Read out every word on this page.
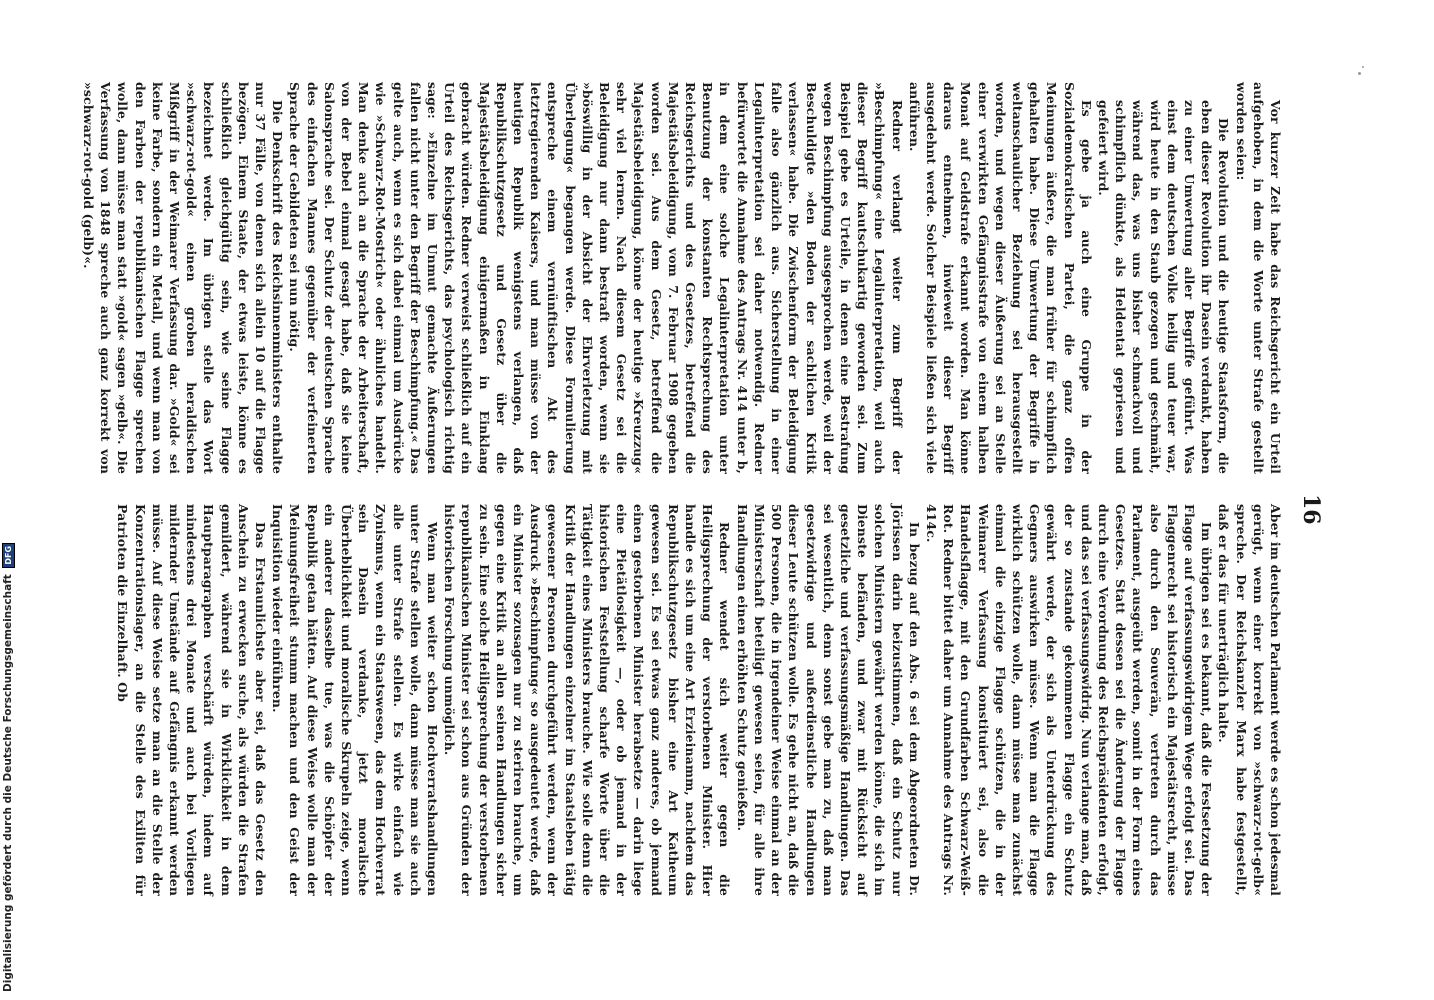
16

Vor kurzer Zeit habe das Reichsgericht ein Urteil aufgehoben, in dem die Worte unter Strafe gestellt worden seien:

Die Revolution und die heutige Staatsform, die eben dieser Revolution ihr Dasein verdankt, haben zu einer Umwertung aller Begriffe geführt. Was einst dem deutschen Volke heilig und teuer war, wird heute in den Staub gezogen und geschmäht, während das, was uns bisher schmachvoll und schimpflich dünkte, als Heldentat gepriesen und gefeiert wird.

Es gebe ja auch eine Gruppe in der Sozialdemokratischen Partei, die ganz offen Meinungen äußere, die man früher für schimpflich gehalten habe. Diese Umwertung der Begriffe in weltanschaulicher Beziehung sei herausgestellt worden, und wegen dieser Äußerung sei an Stelle einer verwirkten Gefängnisstrafe von einem halben Monat auf Geldstrafe erkannt worden. Man könne daraus entnehmen, inwieweit dieser Begriff ausgedehnt werde. Solcher Beispiele ließen sich viele anführen.

Redner verlangt weiter zum Begriff der »Beschimpfung« eine Legalinterpretation, weil auch dieser Begriff kautschukartig geworden sei. Zum Beispiel gebe es Urteile, in denen eine Bestrafung wegen Beschimpfung ausgesprochen werde, weil der Beschuldigte »den Boden der sachlichen Kritik verlassen« habe. Die Zwischenform der Beleidigung falle also gänzlich aus. Sicherstellung in einer Legalinterpretation sei daher notwendig. Redner befürwortet die Annahme des Antrags Nr. 414 unter b, in dem eine solche Legalinterpretation unter Benutzung der konstanten Rechtsprechung des Reichsgerichts und des Gesetzes, betreffend die Majestätsbeleidigung, vom 7. Februar 1908 gegeben worden sei. Aus dem Gesetz, betreffend die Majestätsbeleidigung, könne der heutige »Kreuzzug« sehr viel lernen. Nach diesem Gesetz sei die Beleidigung nur dann bestraft worden, wenn sie »böswillig in der Absicht der Ehrverletzung mit Überlegung« begangen werde. Diese Formulierung entspreche einem vernünftischen Akt des letztregierenden Kaisers, und man müsse von der heutigen Republik wenigstens verlangen, daß Republikschutzgesetz und Gesetz über die Majestätsbeleidigung einigermaßen in Einklang gebracht würden. Redner verweist schließlich auf ein Urteil des Reichsgerichts, das psychologisch richtig sage: »Einzelne im Unmut gemachte Äußerungen fallen nicht unter den Begriff der Beschimpfung.« Das gelte auch, wenn es sich dabei einmal um Ausdrücke wie »Schwarz-Rot-Mostrich« oder ähnliches handelt. Man denke auch an die Sprache der Arbeiterschaft, von der Bebel einmal gesagt habe, daß sie keine Salonsprache sei. Der Schutz der deutschen Sprache des einfachen Mannes gegenüber der verfeinerten Sprache der Gebildeten sei nun nötig.

Die Denkschrift des Reichsinnenministers enthalte nur 37 Fälle, von denen sich allein 10 auf die Flagge bezögen. Einem Staate, der etwas leiste, könne es schließlich gleichgültig sein, wie seine Flagge bezeichnet werde. Im übrigen stelle das Wort »schwarz-rot-gold« einen groben heraldischen Mißgriff in der Weimarer Verfassung dar. »Gold« sei keine Farbe, sondern ein Metall, und wenn man von den Farben der republikanischen Flagge sprechen wolle, dann müsse man statt »gold« sagen »gelb«. Die Verfassung von 1848 spreche auch ganz korrekt von »schwarz-rot-gold (gelb)«.

Aber im deutschen Parlament werde es schon jedesmal gerügt, wenn einer korrekt von »schwarz-rot-gelb« spreche. Der Reichskanzler Marx habe festgestellt, daß er das für unerträglich halte.

Im übrigen sei es bekannt, daß die Festsetzung der Flagge auf verfassungswidrigem Wege erfolgt sei. Das Flaggenrecht sei historisch ein Majestätsrecht, müsse also durch den Souverän, vertreten durch das Parlament, ausgeübt werden, somit in der Form eines Gesetzes. Statt dessen sei die Änderung der Flagge durch eine Verordnung des Reichspräsidenten erfolgt, und das sei verfassungswidrig. Nun verlange man, daß der so zustande gekommenen Flagge ein Schutz gewährt werde, der sich als Unterdrückung des Gegners auswirken müsse. Wenn man die Flagge wirklich schützen wolle, dann müsse man zunächst einmal die einzige Flagge schützen, die in der Weimarer Verfassung konstituiert sei, also die Handelsflagge, mit den Grundfarben Schwarz-Weiß-Rot. Redner bittet daher um Annahme des Antrags Nr. 414c.

In bezug auf den Abs. 6 sei dem Abgeordneten Dr. Jörissen darin beizustimmen, daß ein Schutz nur solchen Ministern gewährt werden könne, die sich im Dienste befänden, und zwar mit Rücksicht auf gesetzliche und verfassungsmäßige Handlungen. Das sei wesentlich, denn sonst gebe man zu, daß man gesetzwidrige und außerdienstliche Handlungen dieser Leute schützen wolle. Es gehe nicht an, daß die 500 Personen, die in irgendeiner Weise einmal an der Ministerschaft beteiligt gewesen seien, für alle ihre Handlungen einen erhöhten Schutz genießen.

Redner wendet sich weiter gegen die Heiligsprechung der verstorbenen Minister. Hier handle es sich um eine Art Erzieinamm, nachdem das Republikschutzgesetz bisher eine Art Katheum gewesen sei. Es sei etwas ganz anderes, ob jemand einen gestorbenen Minister herabsetze — darin liege eine Pietätlosigkeit —, oder ob jemand in der historischen Feststellung scharfe Worte über die Tätigkeit eines Ministers brauche. Wie solle denn die Kritik der Handlungen einzelner im Staatsleben tätig gewesener Personen durchgeführt werden, wenn der Ausdruck »Beschimpfung« so ausgedeutet werde, daß ein Minister sozusagen nur zu steriren brauche, um gegen eine Kritik an allen seinen Handlungen sicher zu sein. Eine solche Heiligsprechung der verstorbenen republikanischen Minister sei schon aus Gründen der historischen Forschung unmöglich.

Wenn man weiter schon Hochverratshandlungen unter Strafe stellen wolle, dann müsse man sie auch alle unter Strafe stellen. Es wirke einfach wie Zynismus, wenn ein Staatswesen, das dem Hochverrat sein Dasein verdanke, jetzt moralische Überheblichkeit und moralische Skrupeln zeige, wenn ein anderer dasselbe tue, was die Schöpfer der Republik getan hätten. Auf diese Weise wolle man der Meinungsfreiheit stumm machen und den Geist der Inquisition wieder einführen.

Das Erstaunlichste aber sei, daß das Gesetz den Anschein zu erwecken suche, als würden die Strafen gemildert, während sie in Wirklichkeit in dem Hauptparagraphen verschärft würden, indem auf mindestens drei Monate und auch bei Vorliegen mildernder Umstände auf Gefängnis erkannt werden müsse. Auf diese Weise setze man an die Stelle der Konzentrationslager, an die Stelle des Exiliten für Patrioten die Einzelhaft. Ob

Digitalisierung gefördert durch die Deutsche Forschungsgemeinschaft DFG
